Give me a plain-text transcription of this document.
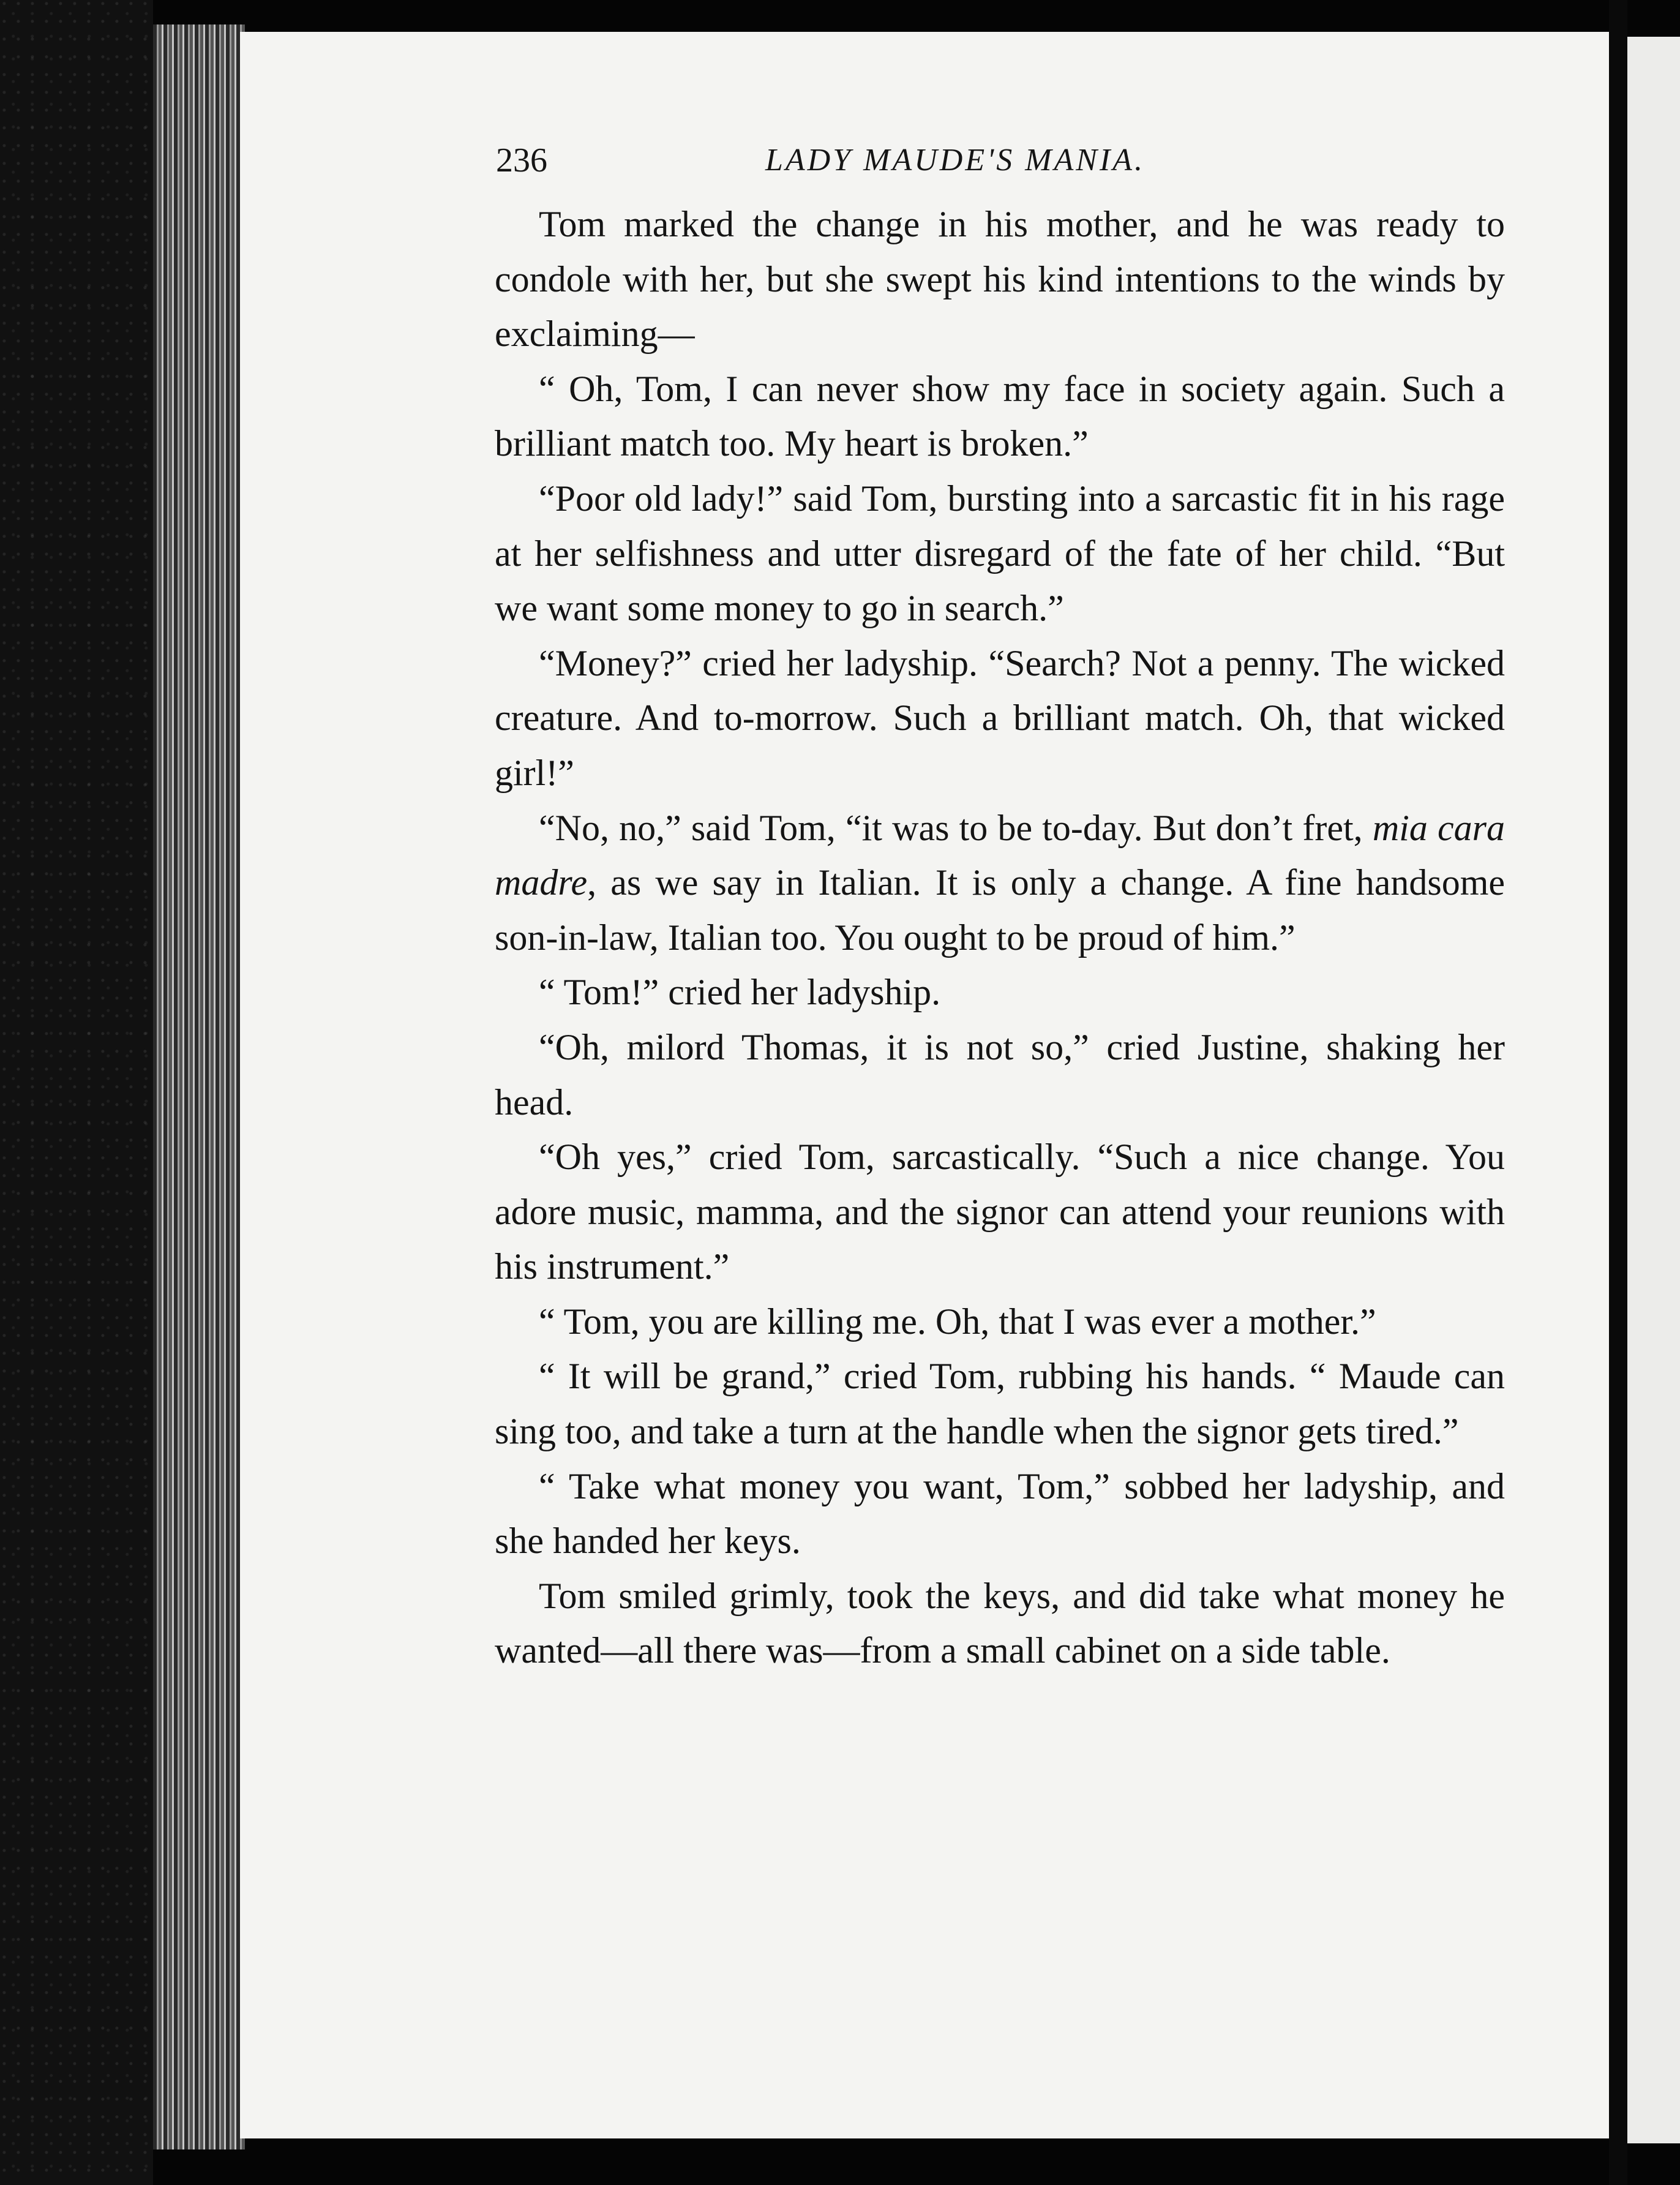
236	LADY MAUDE'S MANIA.

Tom marked the change in his mother, and he was ready to condole with her, but she swept his kind intentions to the winds by exclaiming—

“ Oh, Tom, I can never show my face in society again. Such a brilliant match too. My heart is broken.”

“Poor old lady!” said Tom, bursting into a sarcastic fit in his rage at her selfishness and utter disregard of the fate of her child. “But we want some money to go in search.”

“Money?” cried her ladyship. “Search? Not a penny. The wicked creature. And to-morrow. Such a brilliant match. Oh, that wicked girl!”

“No, no,” said Tom, “it was to be to-day. But don’t fret, mia cara madre, as we say in Italian. It is only a change. A fine handsome son-in-law, Italian too. You ought to be proud of him.”

“ Tom!” cried her ladyship.

“Oh, milord Thomas, it is not so,” cried Justine, shaking her head.

“Oh yes,” cried Tom, sarcastically. “Such a nice change. You adore music, mamma, and the signor can attend your reunions with his instrument.”

“ Tom, you are killing me. Oh, that I was ever a mother.”

“ It will be grand,” cried Tom, rubbing his hands. “ Maude can sing too, and take a turn at the handle when the signor gets tired.”

“ Take what money you want, Tom,” sobbed her ladyship, and she handed her keys.

Tom smiled grimly, took the keys, and did take what money he wanted—all there was—from a small cabinet on a side table.
